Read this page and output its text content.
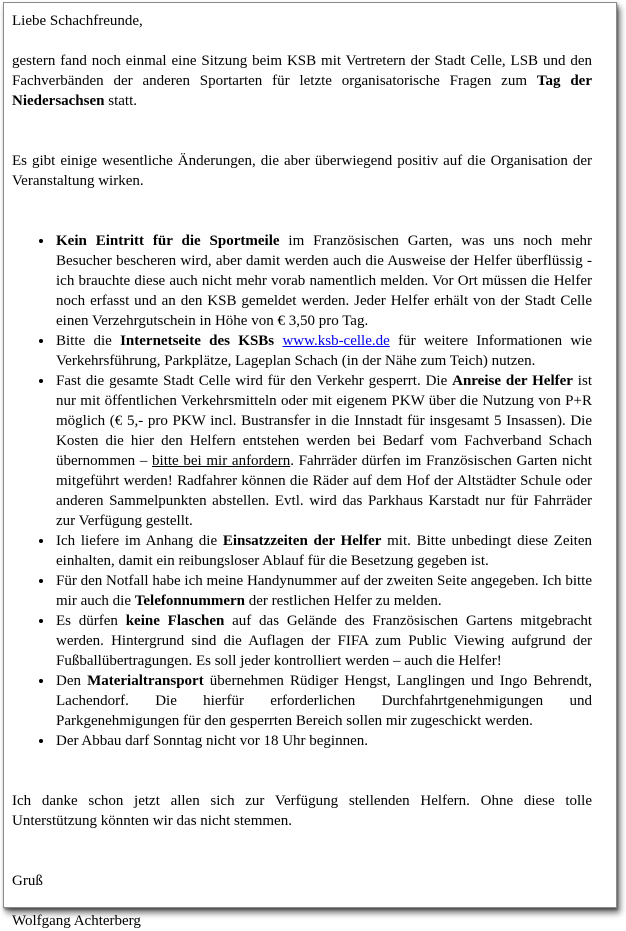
Liebe Schachfreunde,

gestern fand noch einmal eine Sitzung beim KSB mit Vertretern der Stadt Celle, LSB und den Fachverbänden der anderen Sportarten für letzte organisatorische Fragen zum Tag der Niedersachsen statt.

Es gibt einige wesentliche Änderungen, die aber überwiegend positiv auf die Organisation der Veranstaltung wirken.

• Kein Eintritt für die Sportmeile im Französischen Garten, was uns noch mehr Besucher bescheren wird, aber damit werden auch die Ausweise der Helfer überflüssig - ich brauchte diese auch nicht mehr vorab namentlich melden. Vor Ort müssen die Helfer noch erfasst und an den KSB gemeldet werden. Jeder Helfer erhält von der Stadt Celle einen Verzehrgutschein in Höhe von € 3,50 pro Tag.
• Bitte die Internetseite des KSBs www.ksb-celle.de für weitere Informationen wie Verkehrsführung, Parkplätze, Lageplan Schach (in der Nähe zum Teich) nutzen.
• Fast die gesamte Stadt Celle wird für den Verkehr gesperrt. Die Anreise der Helfer ist nur mit öffentlichen Verkehrsmitteln oder mit eigenem PKW über die Nutzung von P+R möglich (€ 5,- pro PKW incl. Bustransfer in die Innstadt für insgesamt 5 Insassen). Die Kosten die hier den Helfern entstehen werden bei Bedarf vom Fachverband Schach übernommen – bitte bei mir anfordern. Fahrräder dürfen im Französischen Garten nicht mitgeführt werden! Radfahrer können die Räder auf dem Hof der Altstädter Schule oder anderen Sammelpunkten abstellen. Evtl. wird das Parkhaus Karstadt nur für Fahrräder zur Verfügung gestellt.
• Ich liefere im Anhang die Einsatzzeiten der Helfer mit. Bitte unbedingt diese Zeiten einhalten, damit ein reibungsloser Ablauf für die Besetzung gegeben ist.
• Für den Notfall habe ich meine Handynummer auf der zweiten Seite angegeben. Ich bitte mir auch die Telefonnummern der restlichen Helfer zu melden.
• Es dürfen keine Flaschen auf das Gelände des Französischen Gartens mitgebracht werden. Hintergrund sind die Auflagen der FIFA zum Public Viewing aufgrund der Fußballübertragungen. Es soll jeder kontrolliert werden – auch die Helfer!
• Den Materialtransport übernehmen Rüdiger Hengst, Langlingen und Ingo Behrendt, Lachendorf. Die hierfür erforderlichen Durchfahrtgenehmigungen und Parkgenehmigungen für den gesperrten Bereich sollen mir zugeschickt werden.
• Der Abbau darf Sonntag nicht vor 18 Uhr beginnen.

Ich danke schon jetzt allen sich zur Verfügung stellenden Helfern. Ohne diese tolle Unterstützung könnten wir das nicht stemmen.

Gruß

Wolfgang Achterberg
